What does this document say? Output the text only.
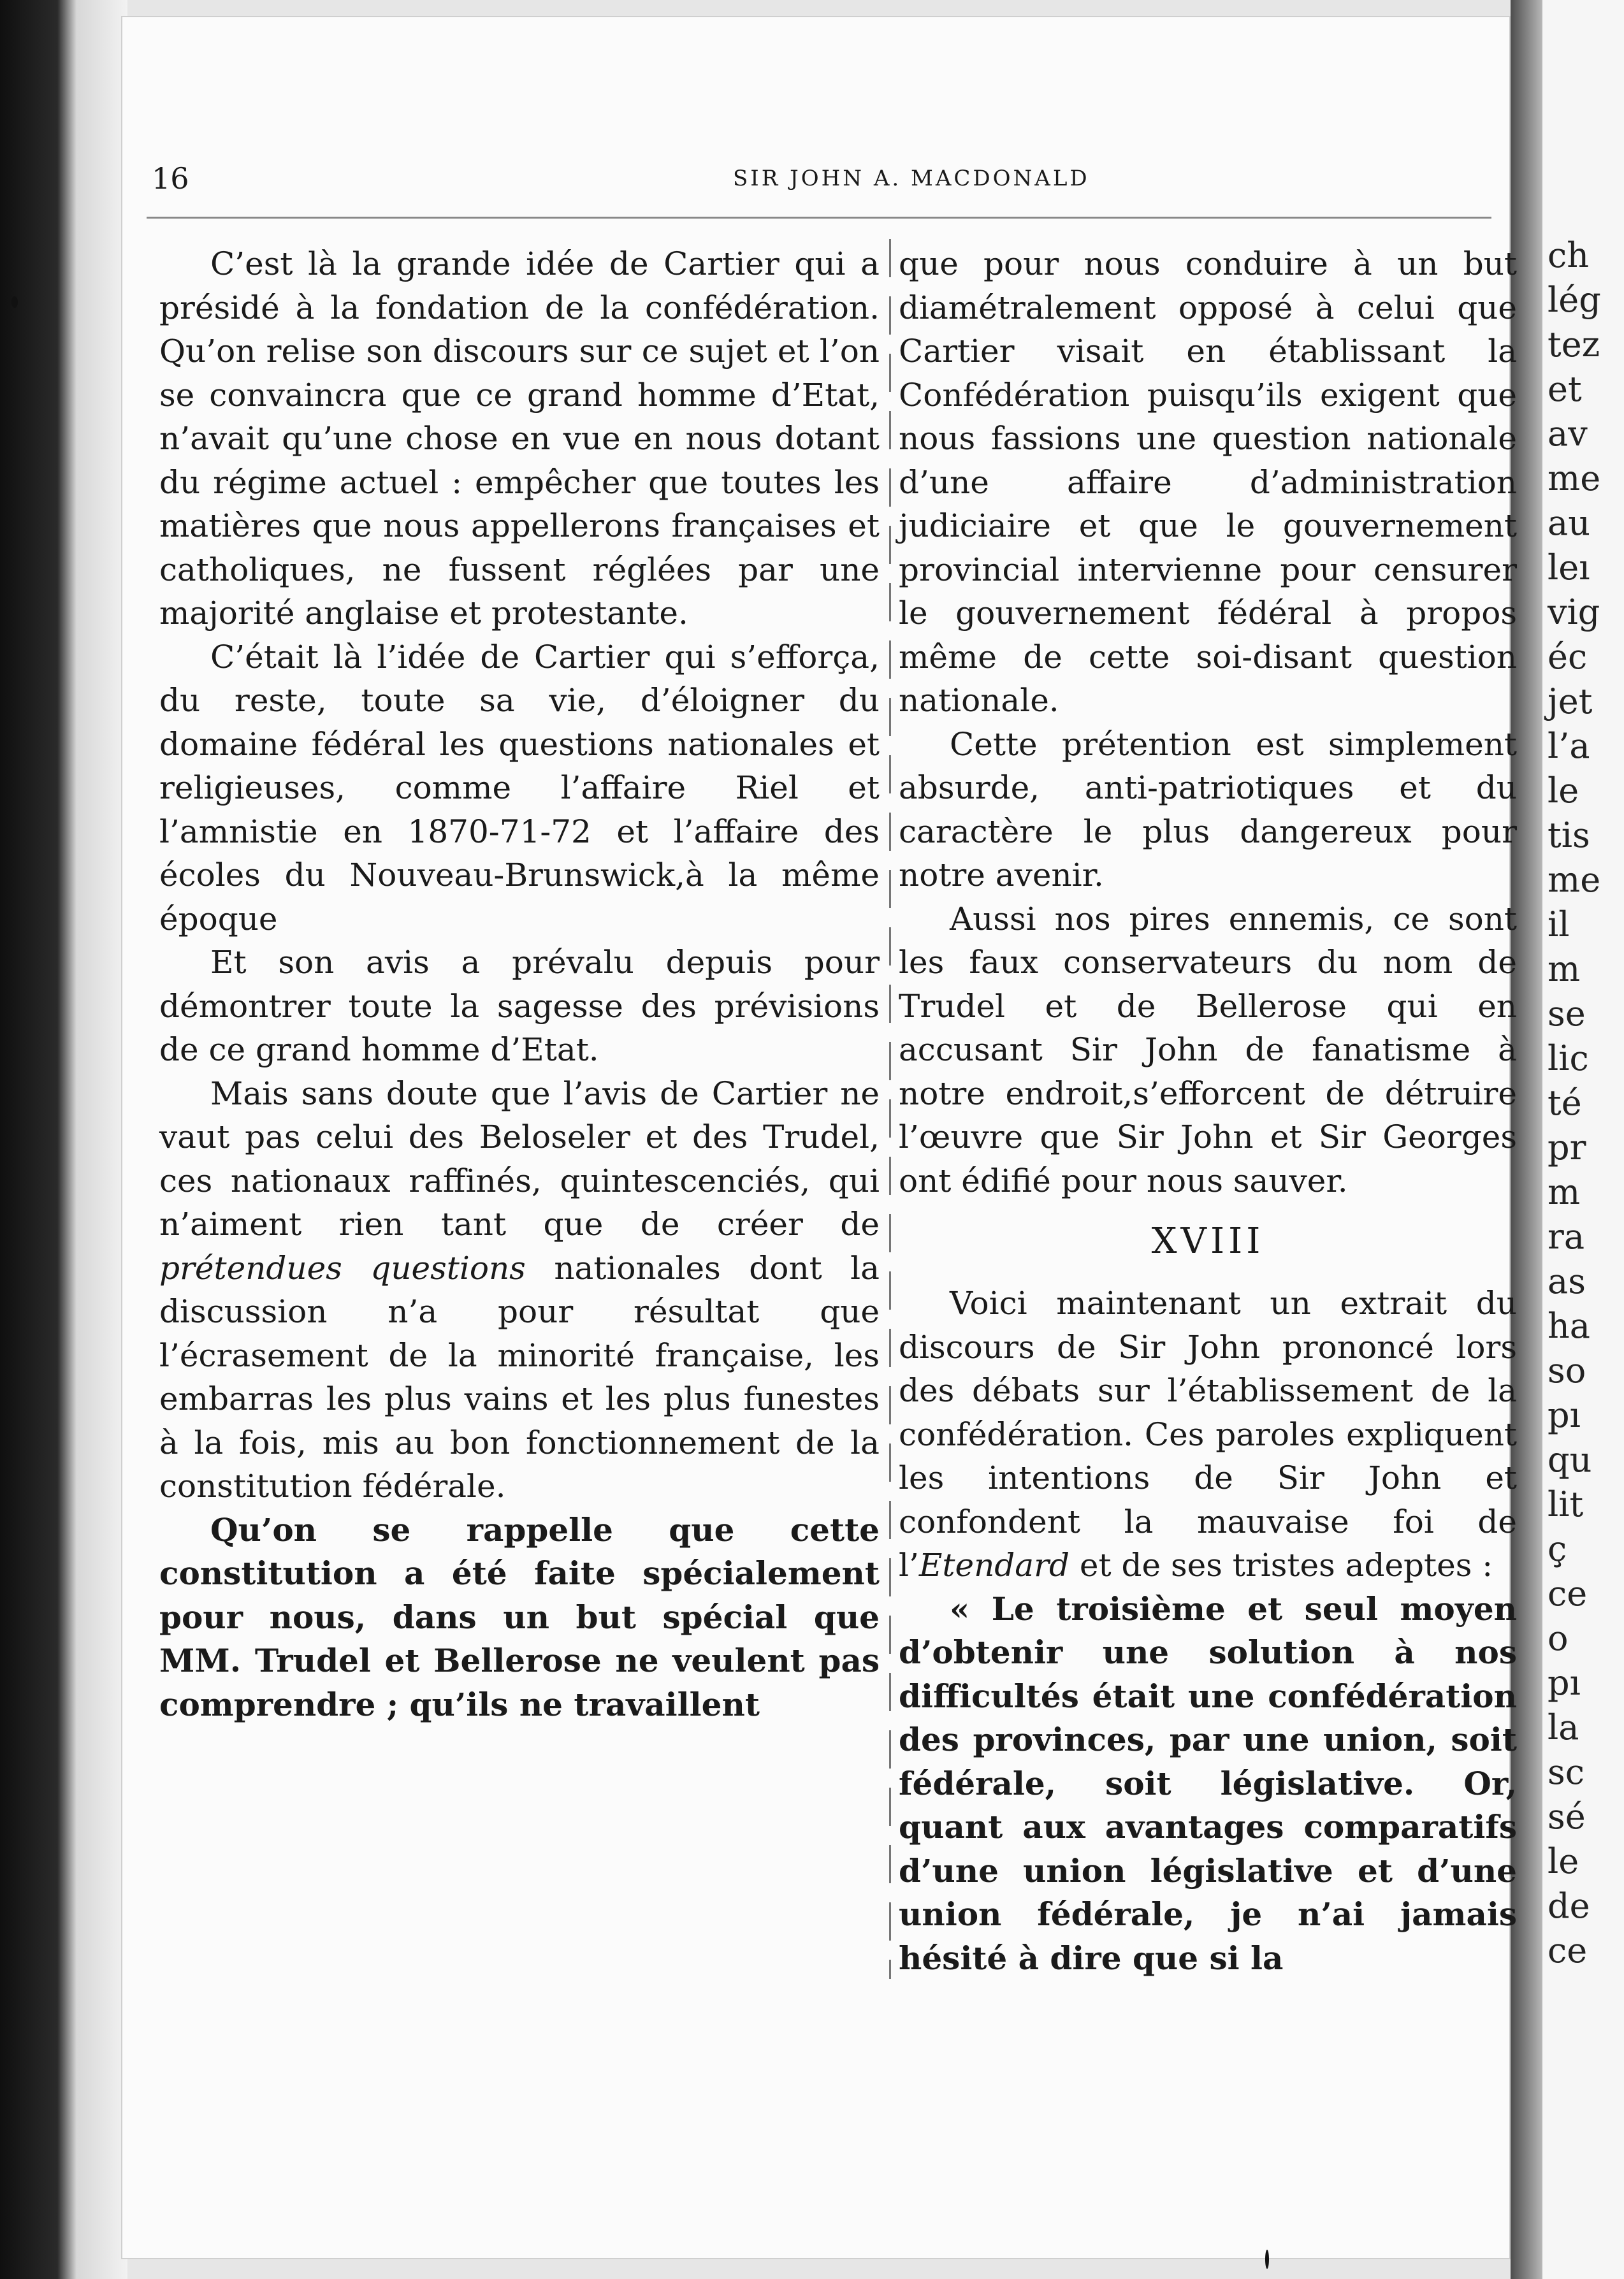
ch
lég
tez
et
av
me
au
leı
vig
éc
jet
l’a
le
tis
me
il
m
se
lic
té
pr
m
ra
as
ha
so
pı
qu
lit
ç
ce
o
pı
la
sc
sé
le
de
ce
16	SIR JOHN A. MACDONALD

C’est là la grande idée de Cartier qui a présidé à la fondation de la confédération. Qu’on relise son discours sur ce sujet et l’on se convaincra que ce grand homme d’Etat, n’avait qu’une chose en vue en nous dotant du régime actuel : empêcher que toutes les matières que nous appellerons françaises et catholiques, ne fussent réglées par une majorité anglaise et protestante.

C’était là l’idée de Cartier qui s’efforça, du reste, toute sa vie, d’éloigner du domaine fédéral les questions nationales et religieuses, comme l’affaire Riel et l’amnistie en 1870-71-72 et l’affaire des écoles du Nouveau-Brunswick,à la même époque

Et son avis a prévalu depuis pour démontrer toute la sagesse des prévisions de ce grand homme d’Etat.

Mais sans doute que l’avis de Cartier ne vaut pas celui des Beloseler et des Trudel, ces nationaux raffinés, quintescenciés, qui n’aiment rien tant que de créer de prétendues questions nationales dont la discussion n’a pour résultat que l’écrasement de la minorité française, les embarras les plus vains et les plus funestes à la fois, mis au bon fonctionnement de la constitution fédérale.

Qu’on se rappelle que cette constitution a été faite spécialement pour nous, dans un but spécial que MM. Trudel et Bellerose ne veulent pas comprendre ; qu’ils ne travaillent

que pour nous conduire à un but diamétralement opposé à celui que Cartier visait en établissant la Confédération puisqu’ils exigent que nous fassions une question nationale d’une affaire d’administration judiciaire et que le gouvernement provincial intervienne pour censurer le gouvernement fédéral à propos même de cette soi-disant question nationale.

Cette prétention est simplement absurde, anti-patriotiques et du caractère le plus dangereux pour notre avenir.

Aussi nos pires ennemis, ce sont les faux conservateurs du nom de Trudel et de Bellerose qui en accusant Sir John de fanatisme à notre endroit,s’efforcent de détruire l’œuvre que Sir John et Sir Georges ont édifié pour nous sauver.

XVIII

Voici maintenant un extrait du discours de Sir John prononcé lors des débats sur l’établissement de la confédération. Ces paroles expliquent les intentions de Sir John et confondent la mauvaise foi de l’Etendard et de ses tristes adeptes :

« Le troisième et seul moyen d’obtenir une solution à nos difficultés était une confédération des provinces, par une union, soit fédérale, soit législative. Or, quant aux avantages comparatifs d’une union législative et d’une union fédérale, je n’ai jamais hésité à dire que si la
